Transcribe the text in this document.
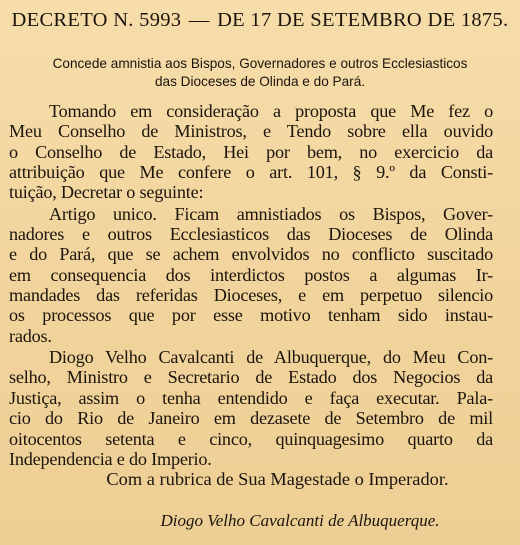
DECRETO N. 5993 — DE 17 DE SETEMBRO DE 1875.
Concede amnistia aos Bispos, Governadores e outros Ecclesiasticos
das Dioceses de Olinda e do Pará.
Tomando em consideração a proposta que Me fez o
Meu Conselho de Ministros, e Tendo sobre ella ouvido
o Conselho de Estado, Hei por bem, no exercicio da
attribuição que Me confere o art. 101, § 9.º da Consti-
tuição, Decretar o seguinte:
Artigo unico. Ficam amnistiados os Bispos, Gover-
nadores e outros Ecclesiasticos das Dioceses de Olinda
e do Pará, que se achem envolvidos no conflicto suscitado
em consequencia dos interdictos postos a algumas Ir-
mandades das referidas Dioceses, e em perpetuo silencio
os processos que por esse motivo tenham sido instau-
rados.
Diogo Velho Cavalcanti de Albuquerque, do Meu Con-
selho, Ministro e Secretario de Estado dos Negocios da
Justiça, assim o tenha entendido e faça executar. Pala-
cio do Rio de Janeiro em dezasete de Setembro de mil
oitocentos setenta e cinco, quinquagesimo quarto da
Independencia e do Imperio.
Com a rubrica de Sua Magestade o Imperador.
Diogo Velho Cavalcanti de Albuquerque.
